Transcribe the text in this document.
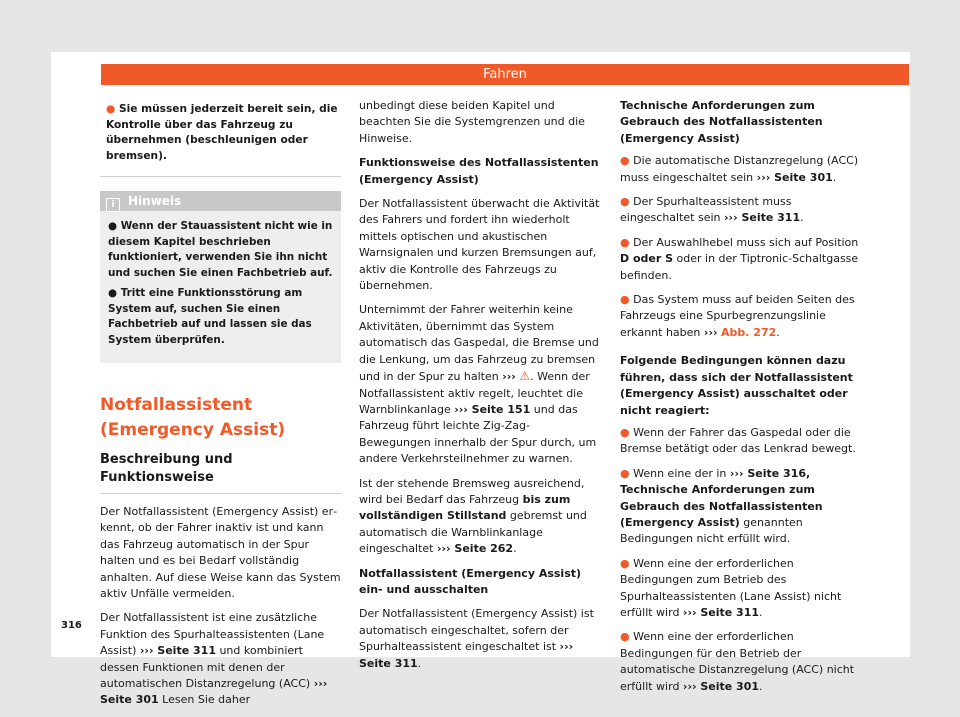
Fahren
● Sie müssen jederzeit bereit sein, die Kontrolle über das Fahrzeug zu übernehmen (beschleunigen oder bremsen).
i Hinweis

● Wenn der Stauassistent nicht wie in diesem Kapitel beschrieben funktioniert, verwenden Sie ihn nicht und suchen Sie einen Fachbetrieb auf.

● Tritt eine Funktionsstörung am System auf, suchen Sie einen Fachbetrieb auf und lassen sie das System überprüfen.

Notfallassistent (Emergency Assist)
Beschreibung und Funktionsweise

Der Notfallassistent (Emergency Assist) erkennt, ob der Fahrer inaktiv ist und kann das Fahrzeug automatisch in der Spur halten und es bei Bedarf vollständig anhalten. Auf diese Weise kann das System aktiv Unfälle vermeiden.

Der Notfallassistent ist eine zusätzliche Funktion des Spurhalteassistenten (Lane Assist) ››› Seite 311 und kombiniert dessen Funktionen mit denen der automatischen Distanzregelung (ACC) ››› Seite 301 Lesen Sie daher

unbedingt diese beiden Kapitel und beachten Sie die Systemgrenzen und die Hinweise.

Funktionsweise des Notfallassistenten (Emergency Assist)

Der Notfallassistent überwacht die Aktivität des Fahrers und fordert ihn wiederholt mittels optischen und akustischen Warnsignalen und kurzen Bremsungen auf, aktiv die Kontrolle des Fahrzeugs zu übernehmen.

Unternimmt der Fahrer weiterhin keine Aktivitäten, übernimmt das System automatisch das Gaspedal, die Bremse und die Lenkung, um das Fahrzeug zu bremsen und in der Spur zu halten ››› ⚠. Wenn der Notfallassistent aktiv regelt, leuchtet die Warnblinkanlage ››› Seite 151 und das Fahrzeug führt leichte Zig-Zag-Bewegungen innerhalb der Spur durch, um andere Verkehrsteilnehmer zu warnen.

Ist der stehende Bremsweg ausreichend, wird bei Bedarf das Fahrzeug bis zum vollständigen Stillstand gebremst und automatisch die Warnblinkanlage eingeschaltet ››› Seite 262.

Notfallassistent (Emergency Assist) ein- und ausschalten

Der Notfallassistent (Emergency Assist) ist automatisch eingeschaltet, sofern der Spurhalteassistent eingeschaltet ist ››› Seite 311.

Technische Anforderungen zum Gebrauch des Notfallassistenten (Emergency Assist)

● Die automatische Distanzregelung (ACC) muss eingeschaltet sein ››› Seite 301.

● Der Spurhalteassistent muss eingeschaltet sein ››› Seite 311.

● Der Auswahlhebel muss sich auf Position D oder S oder in der Tiptronic-Schaltgasse befinden.

● Das System muss auf beiden Seiten des Fahrzeugs eine Spurbegrenzungslinie erkannt haben ››› Abb. 272.

Folgende Bedingungen können dazu führen, dass sich der Notfallassistent (Emergency Assist) ausschaltet oder nicht reagiert:

● Wenn der Fahrer das Gaspedal oder die Bremse betätigt oder das Lenkrad bewegt.

● Wenn eine der in ››› Seite 316, Technische Anforderungen zum Gebrauch des Notfallassistenten (Emergency Assist) genannten Bedingungen nicht erfüllt wird.

● Wenn eine der erforderlichen Bedingungen zum Betrieb des Spurhalteassistenten (Lane Assist) nicht erfüllt wird ››› Seite 311.

● Wenn eine der erforderlichen Bedingungen für den Betrieb der automatische Distanzregelung (ACC) nicht erfüllt wird ››› Seite 301.

316
